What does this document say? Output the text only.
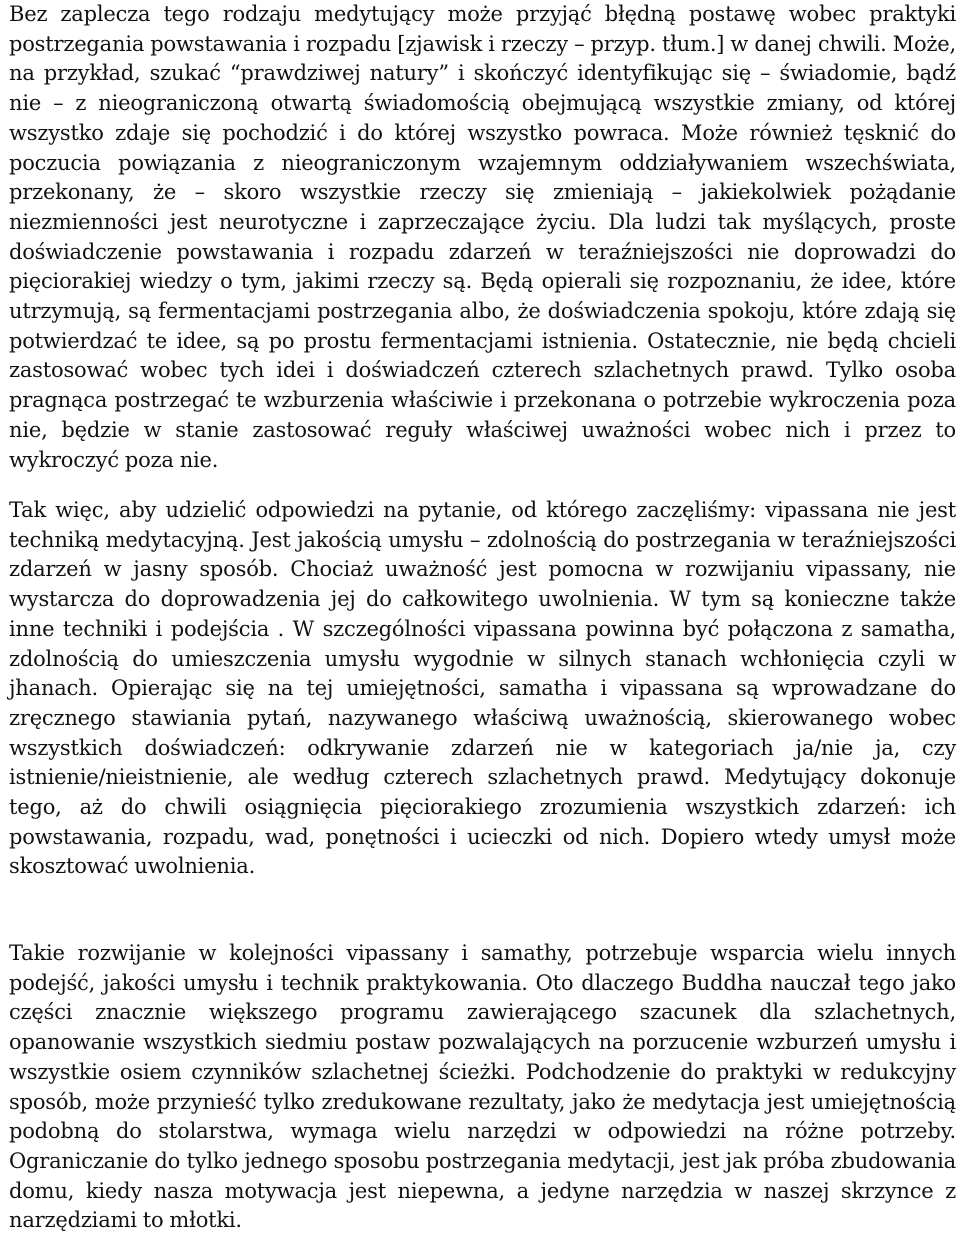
Bez zaplecza tego rodzaju medytujący może przyjąć błędną postawę wobec praktyki postrzegania powstawania i rozpadu [zjawisk i rzeczy – przyp. tłum.] w danej chwili. Może, na przykład, szukać “prawdziwej natury” i skończyć identyfikując się – świadomie, bądź nie – z nieograniczoną otwartą świadomością obejmującą wszystkie zmiany, od której wszystko zdaje się pochodzić i do której wszystko powraca. Może również tęsknić do poczucia powiązania z nieograniczonym wzajemnym oddziaływaniem wszechświata, przekonany, że – skoro wszystkie rzeczy się zmieniają – jakiekolwiek pożądanie niezmienności jest neurotyczne i zaprzeczające życiu. Dla ludzi tak myślących, proste doświadczenie powstawania i rozpadu zdarzeń w teraźniejszości nie doprowadzi do pięciorakiej wiedzy o tym, jakimi rzeczy są. Będą opierali się rozpoznaniu, że idee, które utrzymują, są fermentacjami postrzegania albo, że doświadczenia spokoju, które zdają się potwierdzać te idee, są po prostu fermentacjami istnienia. Ostatecznie, nie będą chcieli zastosować wobec tych idei i doświadczeń czterech szlachetnych prawd. Tylko osoba pragnąca postrzegać te wzburzenia właściwie i przekonana o potrzebie wykroczenia poza nie, będzie w stanie zastosować reguły właściwej uważności wobec nich i przez to wykroczyć poza nie.

Tak więc, aby udzielić odpowiedzi na pytanie, od którego zaczęliśmy: vipassana nie jest techniką medytacyjną. Jest jakością umysłu – zdolnością do postrzegania w teraźniejszości zdarzeń w jasny sposób. Chociaż uważność jest pomocna w rozwijaniu vipassany, nie wystarcza do doprowadzenia jej do całkowitego uwolnienia. W tym są konieczne także inne techniki i podejścia . W szczególności vipassana powinna być połączona z samatha, zdolnością do umieszczenia umysłu wygodnie w silnych stanach wchłonięcia czyli w jhanach. Opierając się na tej umiejętności, samatha i vipassana są wprowadzane do zręcznego stawiania pytań, nazywanego właściwą uważnością, skierowanego wobec wszystkich doświadczeń: odkrywanie zdarzeń nie w kategoriach ja/nie ja, czy istnienie/nieistnienie, ale według czterech szlachetnych prawd. Medytujący dokonuje tego, aż do chwili osiągnięcia pięciorakiego zrozumienia wszystkich zdarzeń: ich powstawania, rozpadu, wad, ponętności i ucieczki od nich. Dopiero wtedy umysł może skosztować uwolnienia.

Takie rozwijanie w kolejności vipassany i samathy, potrzebuje wsparcia wielu innych podejść, jakości umysłu i technik praktykowania. Oto dlaczego Buddha nauczał tego jako części znacznie większego programu zawierającego szacunek dla szlachetnych, opanowanie wszystkich siedmiu postaw pozwalających na porzucenie wzburzeń umysłu i wszystkie osiem czynników szlachetnej ścieżki. Podchodzenie do praktyki w redukcyjny sposób, może przynieść tylko zredukowane rezultaty, jako że medytacja jest umiejętnością podobną do stolarstwa, wymaga wielu narzędzi w odpowiedzi na różne potrzeby. Ograniczanie do tylko jednego sposobu postrzegania medytacji, jest jak próba zbudowania domu, kiedy nasza motywacja jest niepewna, a jedyne narzędzia w naszej skrzynce z narzędziami to młotki.
